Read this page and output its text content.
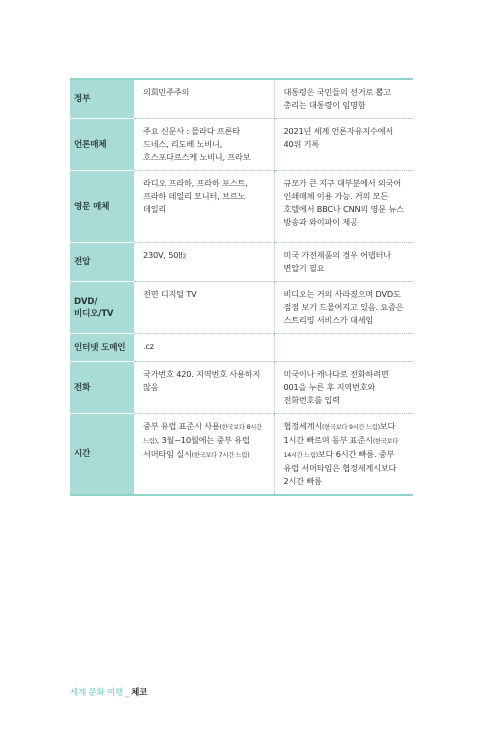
정부	의회민주주의	대통령은 국민들의 선거로 뽑고 총리는 대통령이 임명함
언론매체	주요 신문사 : 믈라다 프론타 드네스, 리도베 노비니, 호스포다르스케 노비니, 프라보	2021년 세계 언론자유지수에서 40위 기록
영문 매체	라디오 프라하, 프라하 포스트, 프라하 데일리 모니터, 브르노 데일리	규모가 큰 지구 대부분에서 외국어 인쇄매체 이용 가능. 거의 모든 호텔에서 BBC나 CNN의 영문 뉴스 방송과 와이파이 제공
전압	230V, 50㎐	미국 가전제품의 경우 어댑터나 변압기 필요
DVD/비디오/TV	전면 디지털 TV	비디오는 거의 사라졌으며 DVD도 점점 보기 드물어지고 있음. 요즘은 스트리밍 서비스가 대세임
인터넷 도메인	.cz	
전화	국가번호 420. 지역번호 사용하지 않음	미국이나 캐나다로 전화하려면 001을 누른 후 지역번호와 전화번호를 입력
시간	중부 유럽 표준시 사용(한국보다 8시간 느림), 3월~10월에는 중부 유럽 서머타임 실시(한국보다 7시간 느림)	협정세계시(한국보다 9시간 느림)보다 1시간 빠르며 동부 표준시(한국보다 14시간 느림)보다 6시간 빠름. 중부 유럽 서머타임은 협정세계시보다 2시간 빠름
세계 문화 여행 _ 체코
